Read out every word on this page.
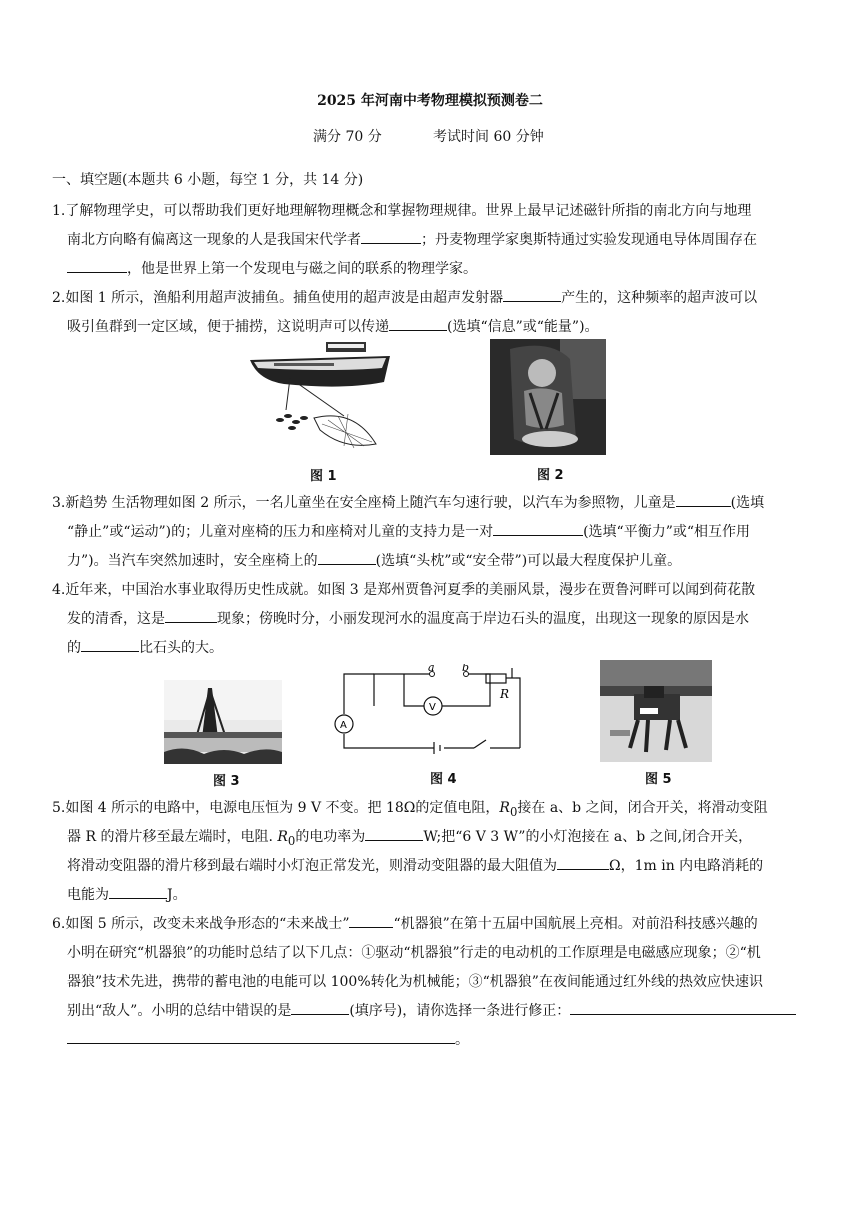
2025 年河南中考物理模拟预测卷二
满分 70 分	考试时间 60 分钟
一、填空题(本题共 6 小题，每空 1 分，共 14 分)
1.了解物理学史，可以帮助我们更好地理解物理概念和掌握物理规律。世界上最早记述磁针所指的南北方向与地理
南北方向略有偏离这一现象的人是我国宋代学者	；丹麦物理学家奥斯特通过实验发现通电导体周围存在
，他是世界上第一个发现电与磁之间的联系的物理学家。
2.如图 1 所示，渔船利用超声波捕鱼。捕鱼使用的超声波是由超声发射器	产生的，这种频率的超声波可以
吸引鱼群到一定区域，便于捕捞，这说明声可以传递	(选填“信息”或“能量”)。
图 1	图 2
3.新趋势 生活物理如图 2 所示，一名儿童坐在安全座椅上随汽车匀速行驶，以汽车为参照物，儿童是	(选填
“静止”或“运动”)的；儿童对座椅的压力和座椅对儿童的支持力是一对	(选填“平衡力”或“相互作用
力”)。当汽车突然加速时，安全座椅上的	(选填“头枕”或“安全带”)可以最大程度保护儿童。
4.近年来，中国治水事业取得历史性成就。如图 3 是郑州贾鲁河夏季的美丽风景，漫步在贾鲁河畔可以闻到荷花散
发的清香，这是	现象；傍晚时分，小丽发现河水的温度高于岸边石头的温度，出现这一现象的原因是水
的	比石头的大。
图 3
a b
R
V
A
图 4	图 5
5.如图 4 所示的电路中，电源电压恒为 9 V 不变。把 18Ω的定值电阻，$R_0$接在 a、b 之间，闭合开关，将滑动变阻
器 R 的滑片移至最左端时，电阻. $R_0$的电功率为	W;把“6 V 3 W”的小灯泡接在 a、b 之间,闭合开关，
将滑动变阻器的滑片移到最右端时小灯泡正常发光，则滑动变阻器的最大阻值为	Ω，1m in 内电路消耗的
电能为	J。
6.如图 5 所示，改变未来战争形态的“未来战士”	“机器狼”在第十五届中国航展上亮相。对前沿科技感兴趣的
小明在研究“机器狼”的功能时总结了以下几点：①驱动“机器狼”行走的电动机的工作原理是电磁感应现象；②“机
器狼”技术先进，携带的蓄电池的电能可以 100%转化为机械能；③“机器狼”在夜间能通过红外线的热效应快速识
别出“敌人”。小明的总结中错误的是	(填序号)，请你选择一条进行修正：
。
